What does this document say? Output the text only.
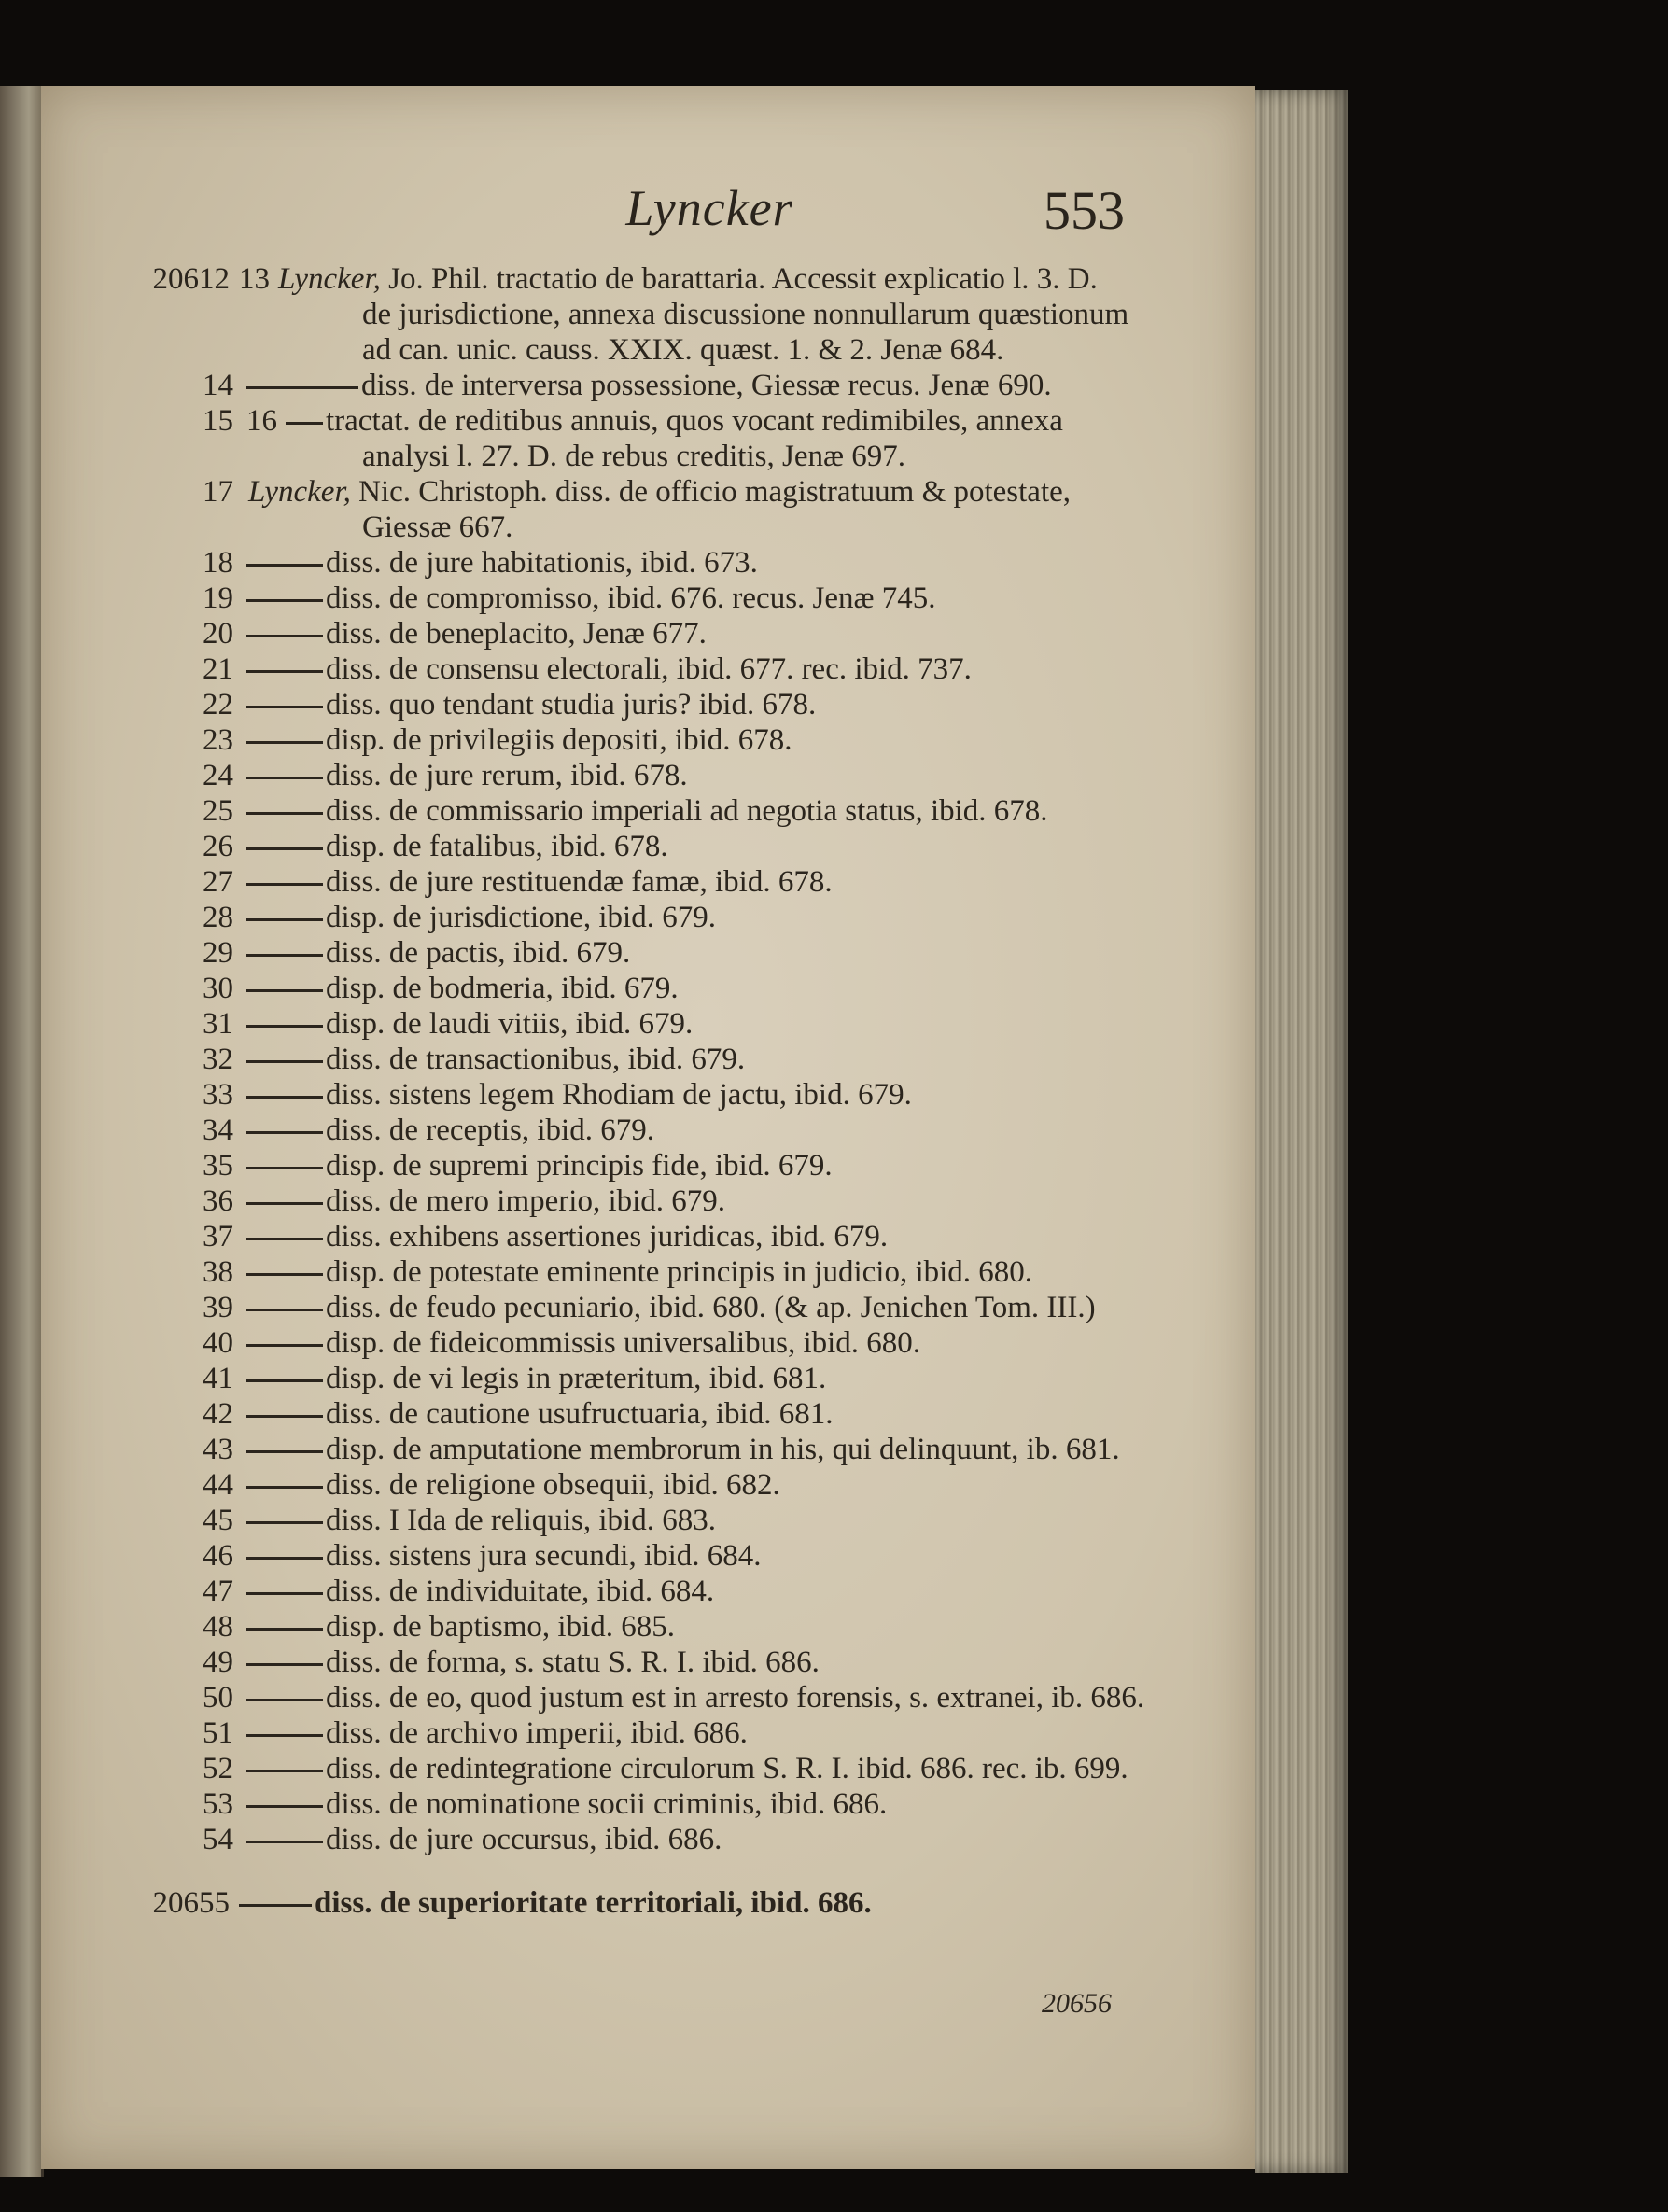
Lyncker	553
20612 13 Lyncker, Jo. Phil. tractatio de barattaria. Accessit explicatio l. 3. D.
de jurisdictione, annexa discussione nonnullarum quæstionum
ad can. unic. causs. XXIX. quæst. 1. & 2. Jenæ 684.
14	diss. de interversa possessione, Giessæ recus. Jenæ 690.
15 16 tractat. de reditibus annuis, quos vocant redimibiles, annexa
analysi l. 27. D. de rebus creditis, Jenæ 697.
17 Lyncker, Nic. Christoph. diss. de officio magistratuum & potestate,
Giessæ 667.
18	diss. de jure habitationis, ibid. 673.
19	diss. de compromisso, ibid. 676. recus. Jenæ 745.
20	diss. de beneplacito, Jenæ 677.
21	diss. de consensu electorali, ibid. 677. rec. ibid. 737.
22	diss. quo tendant studia juris? ibid. 678.
23	disp. de privilegiis depositi, ibid. 678.
24	diss. de jure rerum, ibid. 678.
25	diss. de commissario imperiali ad negotia status, ibid. 678.
26	disp. de fatalibus, ibid. 678.
27	diss. de jure restituendæ famæ, ibid. 678.
28	disp. de jurisdictione, ibid. 679.
29	diss. de pactis, ibid. 679.
30	disp. de bodmeria, ibid. 679.
31	disp. de laudi vitiis, ibid. 679.
32	diss. de transactionibus, ibid. 679.
33	diss. sistens legem Rhodiam de jactu, ibid. 679.
34	diss. de receptis, ibid. 679.
35	disp. de supremi principis fide, ibid. 679.
36	diss. de mero imperio, ibid. 679.
37	diss. exhibens assertiones juridicas, ibid. 679.
38	disp. de potestate eminente principis in judicio, ibid. 680.
39	diss. de feudo pecuniario, ibid. 680. (& ap. Jenichen Tom. III.)
40	disp. de fideicommissis universalibus, ibid. 680.
41	disp. de vi legis in præteritum, ibid. 681.
42	diss. de cautione usufructuaria, ibid. 681.
43	disp. de amputatione membrorum in his, qui delinquunt, ib. 681.
44	diss. de religione obsequii, ibid. 682.
45	diss. I Ida de reliquis, ibid. 683.
46	diss. sistens jura secundi, ibid. 684.
47	diss. de individuitate, ibid. 684.
48	disp. de baptismo, ibid. 685.
49	diss. de forma, s. statu S. R. I. ibid. 686.
50	diss. de eo, quod justum est in arresto forensis, s. extranei, ib. 686.
51	diss. de archivo imperii, ibid. 686.
52	diss. de redintegratione circulorum S. R. I. ibid. 686. rec. ib. 699.
53	diss. de nominatione socii criminis, ibid. 686.
54	diss. de jure occursus, ibid. 686.
20655	diss. de superioritate territoriali, ibid. 686.
20656
